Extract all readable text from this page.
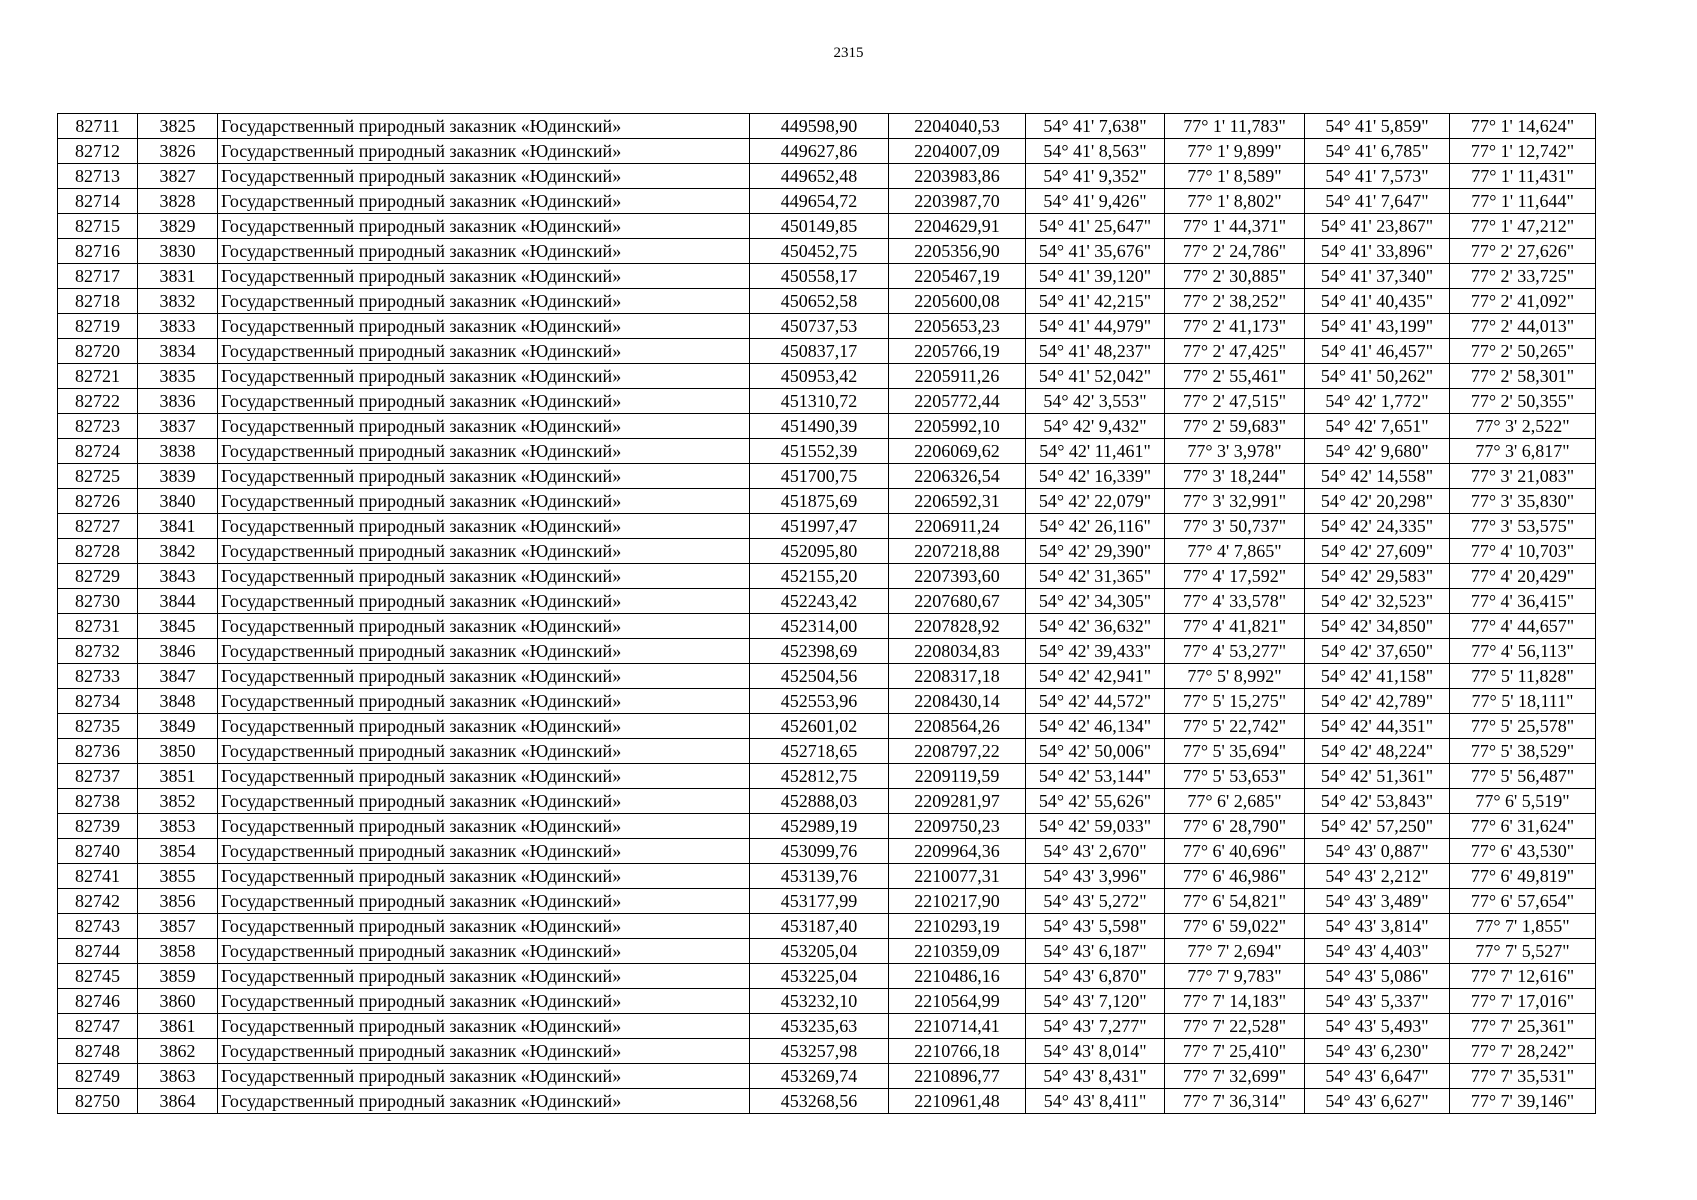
2315
82711	3825	Государственный природный заказник «Юдинский»	449598,90	2204040,53	54° 41' 7,638"	77° 1' 11,783"	54° 41' 5,859"	77° 1' 14,624"
82712	3826	Государственный природный заказник «Юдинский»	449627,86	2204007,09	54° 41' 8,563"	77° 1' 9,899"	54° 41' 6,785"	77° 1' 12,742"
82713	3827	Государственный природный заказник «Юдинский»	449652,48	2203983,86	54° 41' 9,352"	77° 1' 8,589"	54° 41' 7,573"	77° 1' 11,431"
82714	3828	Государственный природный заказник «Юдинский»	449654,72	2203987,70	54° 41' 9,426"	77° 1' 8,802"	54° 41' 7,647"	77° 1' 11,644"
82715	3829	Государственный природный заказник «Юдинский»	450149,85	2204629,91	54° 41' 25,647"	77° 1' 44,371"	54° 41' 23,867"	77° 1' 47,212"
82716	3830	Государственный природный заказник «Юдинский»	450452,75	2205356,90	54° 41' 35,676"	77° 2' 24,786"	54° 41' 33,896"	77° 2' 27,626"
82717	3831	Государственный природный заказник «Юдинский»	450558,17	2205467,19	54° 41' 39,120"	77° 2' 30,885"	54° 41' 37,340"	77° 2' 33,725"
82718	3832	Государственный природный заказник «Юдинский»	450652,58	2205600,08	54° 41' 42,215"	77° 2' 38,252"	54° 41' 40,435"	77° 2' 41,092"
82719	3833	Государственный природный заказник «Юдинский»	450737,53	2205653,23	54° 41' 44,979"	77° 2' 41,173"	54° 41' 43,199"	77° 2' 44,013"
82720	3834	Государственный природный заказник «Юдинский»	450837,17	2205766,19	54° 41' 48,237"	77° 2' 47,425"	54° 41' 46,457"	77° 2' 50,265"
82721	3835	Государственный природный заказник «Юдинский»	450953,42	2205911,26	54° 41' 52,042"	77° 2' 55,461"	54° 41' 50,262"	77° 2' 58,301"
82722	3836	Государственный природный заказник «Юдинский»	451310,72	2205772,44	54° 42' 3,553"	77° 2' 47,515"	54° 42' 1,772"	77° 2' 50,355"
82723	3837	Государственный природный заказник «Юдинский»	451490,39	2205992,10	54° 42' 9,432"	77° 2' 59,683"	54° 42' 7,651"	77° 3' 2,522"
82724	3838	Государственный природный заказник «Юдинский»	451552,39	2206069,62	54° 42' 11,461"	77° 3' 3,978"	54° 42' 9,680"	77° 3' 6,817"
82725	3839	Государственный природный заказник «Юдинский»	451700,75	2206326,54	54° 42' 16,339"	77° 3' 18,244"	54° 42' 14,558"	77° 3' 21,083"
82726	3840	Государственный природный заказник «Юдинский»	451875,69	2206592,31	54° 42' 22,079"	77° 3' 32,991"	54° 42' 20,298"	77° 3' 35,830"
82727	3841	Государственный природный заказник «Юдинский»	451997,47	2206911,24	54° 42' 26,116"	77° 3' 50,737"	54° 42' 24,335"	77° 3' 53,575"
82728	3842	Государственный природный заказник «Юдинский»	452095,80	2207218,88	54° 42' 29,390"	77° 4' 7,865"	54° 42' 27,609"	77° 4' 10,703"
82729	3843	Государственный природный заказник «Юдинский»	452155,20	2207393,60	54° 42' 31,365"	77° 4' 17,592"	54° 42' 29,583"	77° 4' 20,429"
82730	3844	Государственный природный заказник «Юдинский»	452243,42	2207680,67	54° 42' 34,305"	77° 4' 33,578"	54° 42' 32,523"	77° 4' 36,415"
82731	3845	Государственный природный заказник «Юдинский»	452314,00	2207828,92	54° 42' 36,632"	77° 4' 41,821"	54° 42' 34,850"	77° 4' 44,657"
82732	3846	Государственный природный заказник «Юдинский»	452398,69	2208034,83	54° 42' 39,433"	77° 4' 53,277"	54° 42' 37,650"	77° 4' 56,113"
82733	3847	Государственный природный заказник «Юдинский»	452504,56	2208317,18	54° 42' 42,941"	77° 5' 8,992"	54° 42' 41,158"	77° 5' 11,828"
82734	3848	Государственный природный заказник «Юдинский»	452553,96	2208430,14	54° 42' 44,572"	77° 5' 15,275"	54° 42' 42,789"	77° 5' 18,111"
82735	3849	Государственный природный заказник «Юдинский»	452601,02	2208564,26	54° 42' 46,134"	77° 5' 22,742"	54° 42' 44,351"	77° 5' 25,578"
82736	3850	Государственный природный заказник «Юдинский»	452718,65	2208797,22	54° 42' 50,006"	77° 5' 35,694"	54° 42' 48,224"	77° 5' 38,529"
82737	3851	Государственный природный заказник «Юдинский»	452812,75	2209119,59	54° 42' 53,144"	77° 5' 53,653"	54° 42' 51,361"	77° 5' 56,487"
82738	3852	Государственный природный заказник «Юдинский»	452888,03	2209281,97	54° 42' 55,626"	77° 6' 2,685"	54° 42' 53,843"	77° 6' 5,519"
82739	3853	Государственный природный заказник «Юдинский»	452989,19	2209750,23	54° 42' 59,033"	77° 6' 28,790"	54° 42' 57,250"	77° 6' 31,624"
82740	3854	Государственный природный заказник «Юдинский»	453099,76	2209964,36	54° 43' 2,670"	77° 6' 40,696"	54° 43' 0,887"	77° 6' 43,530"
82741	3855	Государственный природный заказник «Юдинский»	453139,76	2210077,31	54° 43' 3,996"	77° 6' 46,986"	54° 43' 2,212"	77° 6' 49,819"
82742	3856	Государственный природный заказник «Юдинский»	453177,99	2210217,90	54° 43' 5,272"	77° 6' 54,821"	54° 43' 3,489"	77° 6' 57,654"
82743	3857	Государственный природный заказник «Юдинский»	453187,40	2210293,19	54° 43' 5,598"	77° 6' 59,022"	54° 43' 3,814"	77° 7' 1,855"
82744	3858	Государственный природный заказник «Юдинский»	453205,04	2210359,09	54° 43' 6,187"	77° 7' 2,694"	54° 43' 4,403"	77° 7' 5,527"
82745	3859	Государственный природный заказник «Юдинский»	453225,04	2210486,16	54° 43' 6,870"	77° 7' 9,783"	54° 43' 5,086"	77° 7' 12,616"
82746	3860	Государственный природный заказник «Юдинский»	453232,10	2210564,99	54° 43' 7,120"	77° 7' 14,183"	54° 43' 5,337"	77° 7' 17,016"
82747	3861	Государственный природный заказник «Юдинский»	453235,63	2210714,41	54° 43' 7,277"	77° 7' 22,528"	54° 43' 5,493"	77° 7' 25,361"
82748	3862	Государственный природный заказник «Юдинский»	453257,98	2210766,18	54° 43' 8,014"	77° 7' 25,410"	54° 43' 6,230"	77° 7' 28,242"
82749	3863	Государственный природный заказник «Юдинский»	453269,74	2210896,77	54° 43' 8,431"	77° 7' 32,699"	54° 43' 6,647"	77° 7' 35,531"
82750	3864	Государственный природный заказник «Юдинский»	453268,56	2210961,48	54° 43' 8,411"	77° 7' 36,314"	54° 43' 6,627"	77° 7' 39,146"
